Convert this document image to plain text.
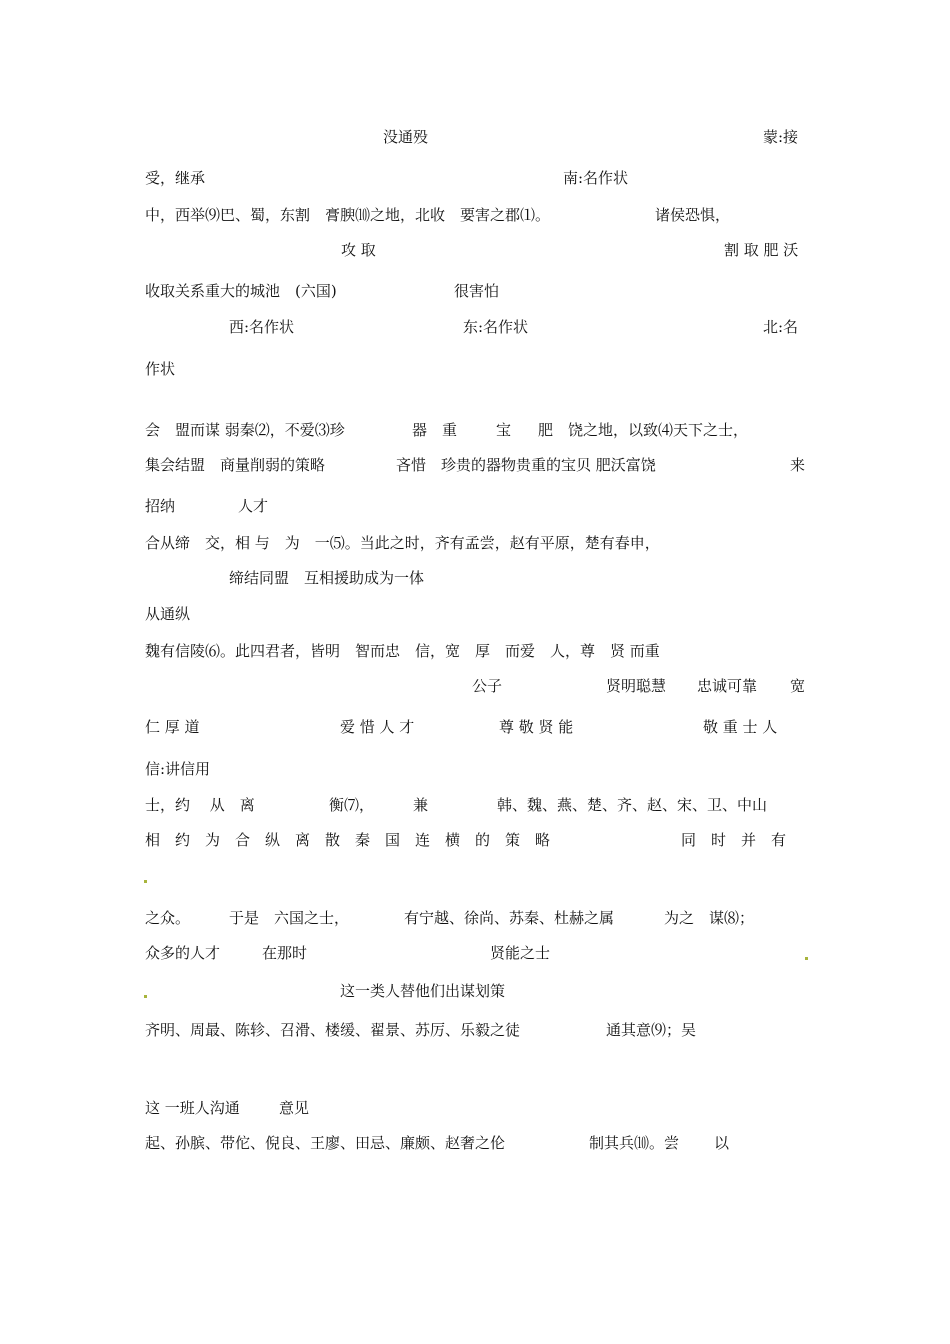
没通殁	蒙:接
受，继承	南:名作状
中，西举⑼巴、蜀，东割　膏腴⑽之地，北收　要害之郡⑴。	诸侯恐惧，
攻 取	割 取 肥 沃
收取关系重大的城池　(六国)	很害怕
西:名作状	东:名作状	北:名
作状
会　盟而谋 弱秦⑵，不爱⑶珍	器　重	宝 肥　饶之地，以致⑷天下之士，
集会结盟　商量削弱的策略	吝惜　珍贵的器物贵重的宝贝 肥沃富饶	来
招纳	人才
合从缔　交，相 与　为　一⑸。当此之时，齐有孟尝，赵有平原，楚有春申，
缔结同盟　互相援助成为一体
从通纵
魏有信陵⑹。此四君者，皆明　智而忠　信，宽　厚　而爱　人，尊　贤 而重
公子	贤明聪慧 忠诚可靠 宽
仁 厚 道	爱 惜 人 才	尊 敬 贤 能	敬 重 士 人
信:讲信用
士，约　 从　离	衡⑺，	兼	韩、魏、燕、楚、齐、赵、宋、卫、中山
相　约　为　合　纵　离　散　秦　国　连　横　的　策　略	同　时　并　有
之众。	于是　六国之士，	有宁越、徐尚、苏秦、杜赫之属	为之　谋⑻；
众多的人才	在那时	贤能之士
这一类人替他们出谋划策
齐明、周最、陈轸、召滑、楼缓、翟景、苏厉、乐毅之徒	通其意⑼；吴
这 一班人沟通	意见
起、孙膑、带佗、倪良、王廖、田忌、廉颇、赵奢之伦	制其兵⑽。尝 以
